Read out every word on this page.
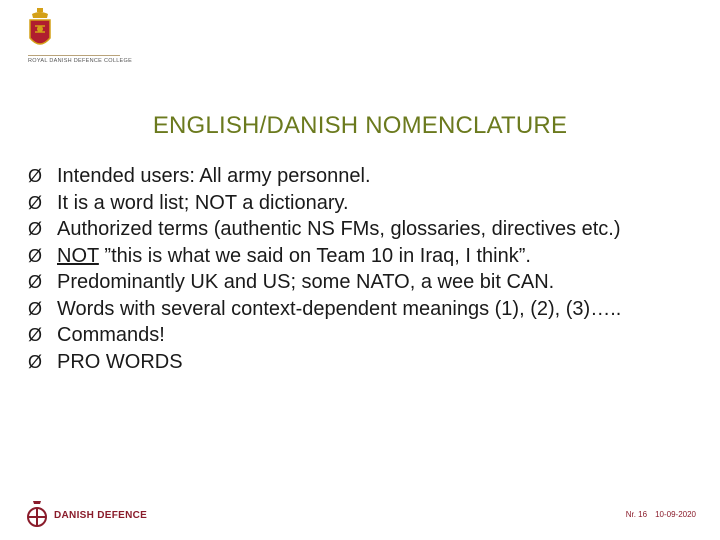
ROYAL DANISH DEFENCE COLLEGE
ENGLISH/DANISH NOMENCLATURE
Ø Intended users: All army personnel.
Ø It is a word list; NOT a dictionary.
Ø Authorized terms (authentic NS FMs, glossaries, directives etc.)
Ø NOT ”this is what we said on Team 10 in Iraq, I think”.
Ø Predominantly UK and US; some NATO, a wee bit CAN.
Ø Words with several context-dependent meanings (1), (2), (3)…..
Ø Commands!
Ø PRO WORDS
DANISH DEFENCE	Nr. 16 10-09-2020
